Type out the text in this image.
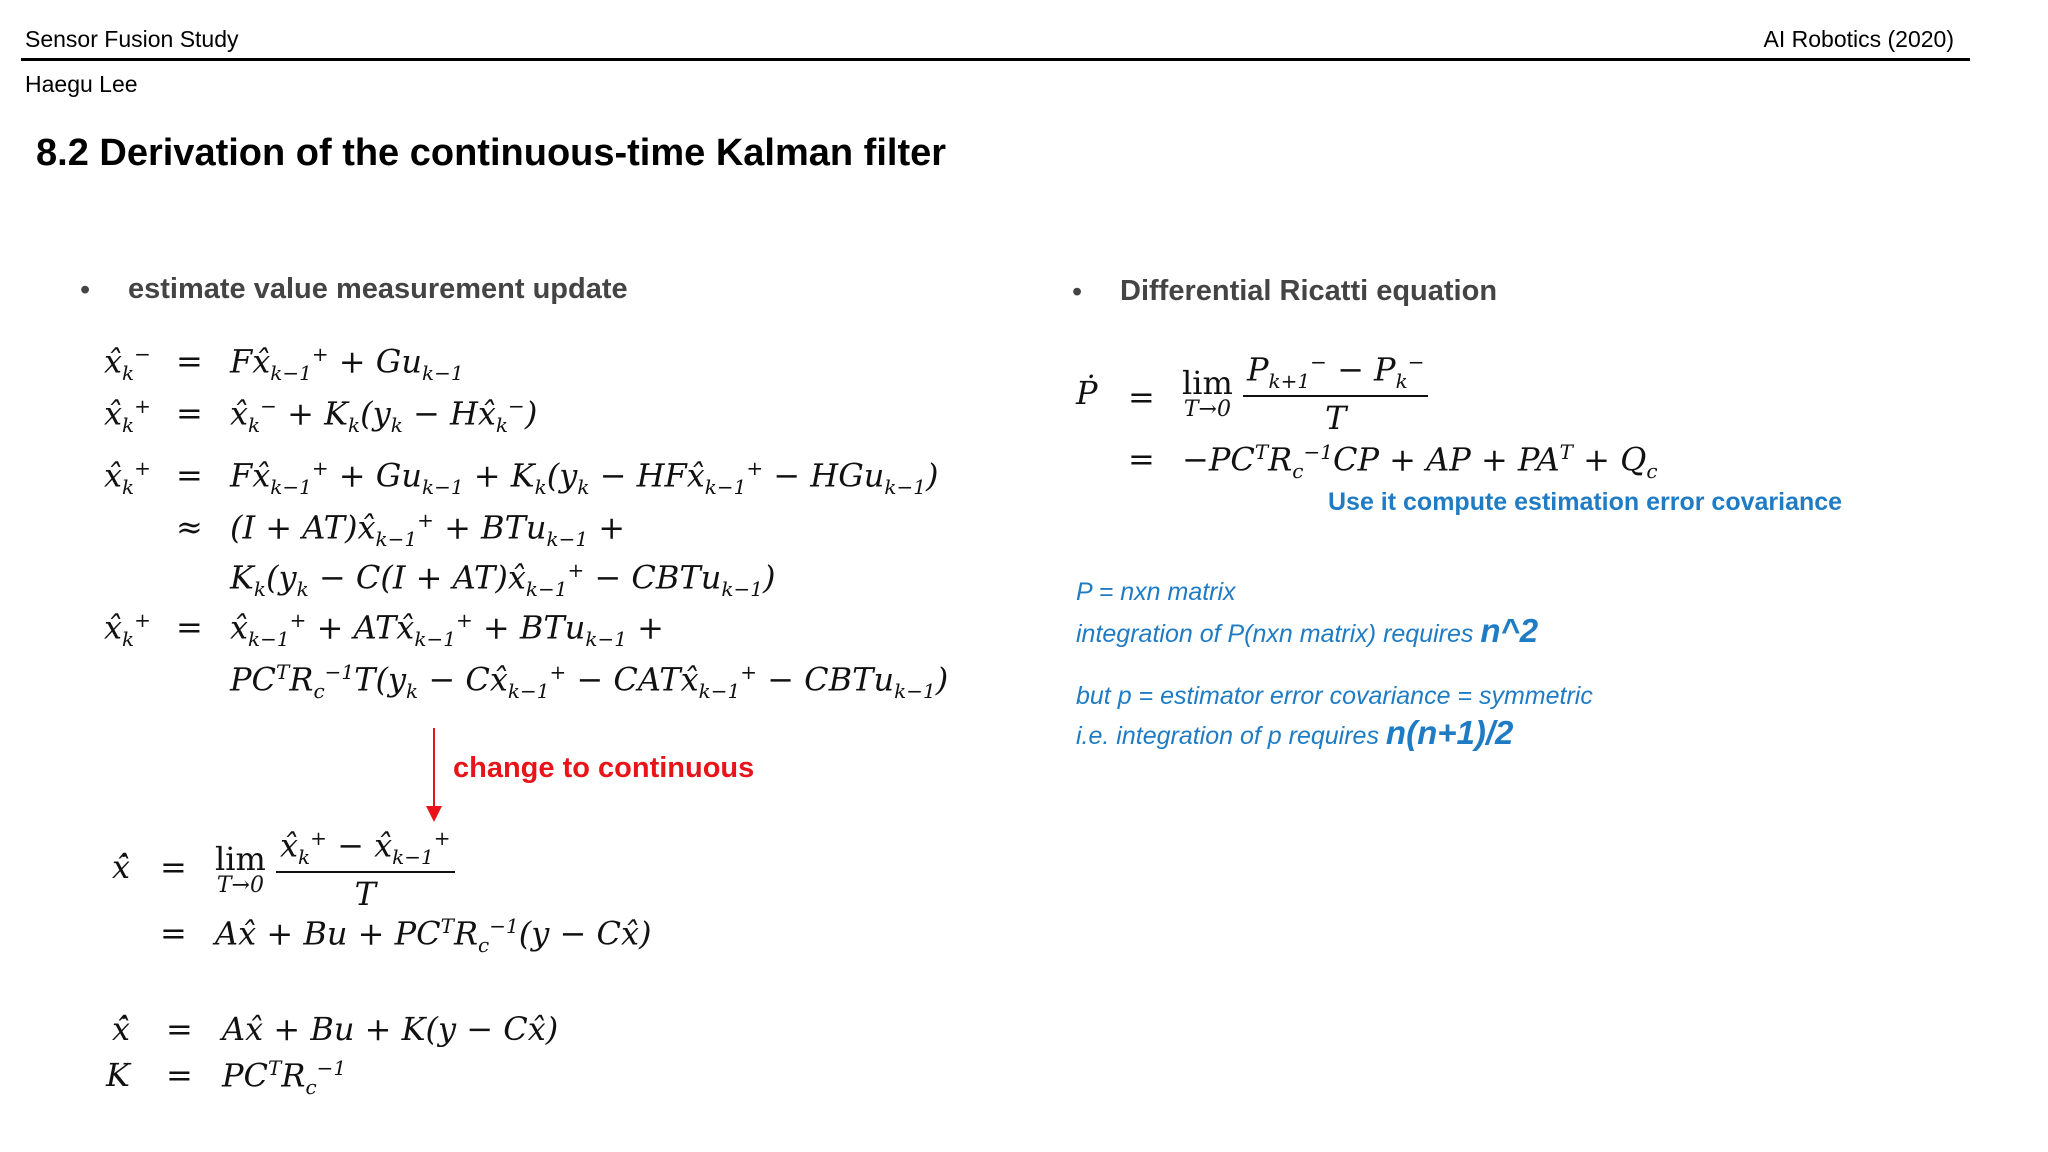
Sensor Fusion Study	AI Robotics (2020)
Haegu Lee
8.2 Derivation of the continuous-time Kalman filter
• estimate value measurement update
$x̂_k^-$ = $Fx̂_{k-1}^+ + Gu_{k-1}$
$x̂_k^+$ = $x̂_k^- + K_k(y_k$ − $Hx̂_k^-$)
$x̂_k^+$ = $Fx̂_{k-1}^+ + Gu_{k-1} + K_k(y_k$ − $HFx̂_{k-1}^+ - HGu_{k-1}$)
≈ $(I + AT)x̂_{k-1}^+ + BTu_{k-1}$ +
$K_k(y_k - C(I$ + $AT)x̂_{k-1}^+$ − CBTu$_{k-1}$)
$x̂_k^+$ = $x̂_{k-1}^+$ + $ATx̂_{k-1}^+ + BTu_{k-1}$ +
$PC^TR_c^{-1}T(y_k$ − $Cx̂_{k-1}^+$ − $CATx̂_{k-1}^+$ − CBTu$_{k-1}$)
change to continuous
x̂̇ = lim
T→0
$\frac{x̂_k^+ - x̂_{k-1}^+}{T}$
= Ax̂ + $Bu + PC^TR_c^{-1}(y$ − Cx̂)
x̂̇ = Ax̂ + Bu + K(y − Cx̂)
$K = PC^TR_c^{-1}$
• Differential Ricatti equation
Ṗ = lim
T→0
$\frac{P_{k+1}^- - P_k^-}{T}$
= $-PC^TR_c^{-1}CP$ + AP + $PA^T + Q_c$
Use it compute estimation error covariance
P = nxn matrix
integration of P(nxn matrix) requires n^2
but p = estimator error covariance = symmetric
i.e. integration of p requires n(n+1)/2
